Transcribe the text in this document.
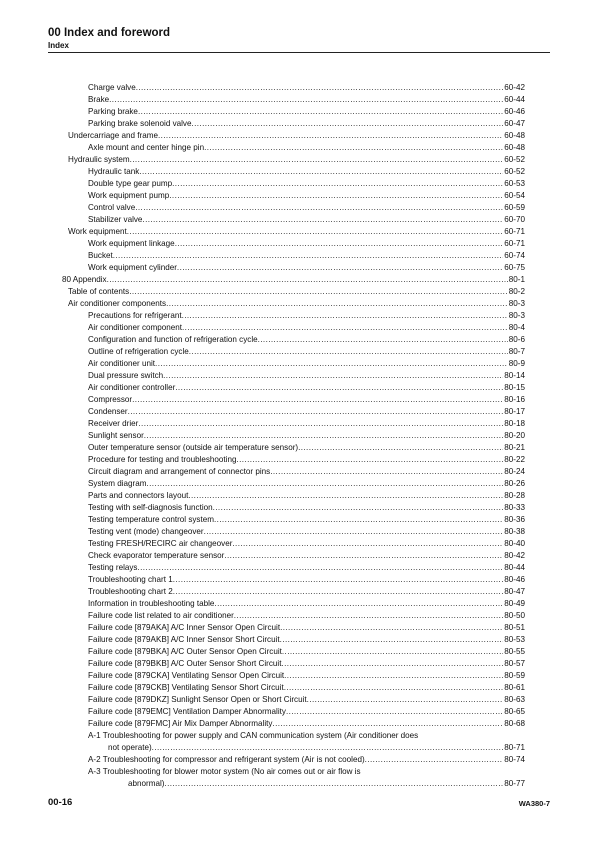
00 Index and foreword
Index
Charge valve .....	60-42
Brake .....	60-44
Parking brake .....	60-46
Parking brake solenoid valve .....	60-47
Undercarriage and frame .....	60-48
Axle mount and center hinge pin .....	60-48
Hydraulic system .....	60-52
Hydraulic tank .....	60-52
Double type gear pump .....	60-53
Work equipment pump .....	60-54
Control valve .....	60-59
Stabilizer valve .....	60-70
Work equipment .....	60-71
Work equipment linkage .....	60-71
Bucket .....	60-74
Work equipment cylinder .....	60-75
80 Appendix .....	80-1
Table of contents .....	80-2
Air conditioner components .....	80-3
Precautions for refrigerant .....	80-3
Air conditioner component .....	80-4
Configuration and function of refrigeration cycle .....	80-6
Outline of refrigeration cycle .....	80-7
Air conditioner unit .....	80-9
Dual pressure switch .....	80-14
Air conditioner controller .....	80-15
Compressor .....	80-16
Condenser .....	80-17
Receiver drier .....	80-18
Sunlight sensor .....	80-20
Outer temperature sensor (outside air temperature sensor) .....	80-21
Procedure for testing and troubleshooting .....	80-22
Circuit diagram and arrangement of connector pins .....	80-24
System diagram .....	80-26
Parts and connectors layout .....	80-28
Testing with self-diagnosis function .....	80-33
Testing temperature control system .....	80-36
Testing vent (mode) changeover .....	80-38
Testing FRESH/RECIRC air changeover .....	80-40
Check evaporator temperature sensor .....	80-42
Testing relays .....	80-44
Troubleshooting chart 1 .....	80-46
Troubleshooting chart 2 .....	80-47
Information in troubleshooting table .....	80-49
Failure code list related to air conditioner .....	80-50
Failure code [879AKA] A/C Inner Sensor Open Circuit .....	80-51
Failure code [879AKB] A/C Inner Sensor Short Circuit .....	80-53
Failure code [879BKA] A/C Outer Sensor Open Circuit .....	80-55
Failure code [879BKB] A/C Outer Sensor Short Circuit .....	80-57
Failure code [879CKA] Ventilating Sensor Open Circuit .....	80-59
Failure code [879CKB] Ventilating Sensor Short Circuit .....	80-61
Failure code [879DKZ] Sunlight Sensor Open or Short Circuit .....	80-63
Failure code [879EMC] Ventilation Damper Abnormality .....	80-65
Failure code [879FMC] Air Mix Damper Abnormality .....	80-68
A-1 Troubleshooting for power supply and CAN communication system (Air conditioner does
not operate) .....	80-71
A-2 Troubleshooting for compressor and refrigerant system (Air is not cooled) .....	80-74
A-3 Troubleshooting for blower motor system (No air comes out or air flow is
abnormal) .....	80-77
00-16	WA380-7
